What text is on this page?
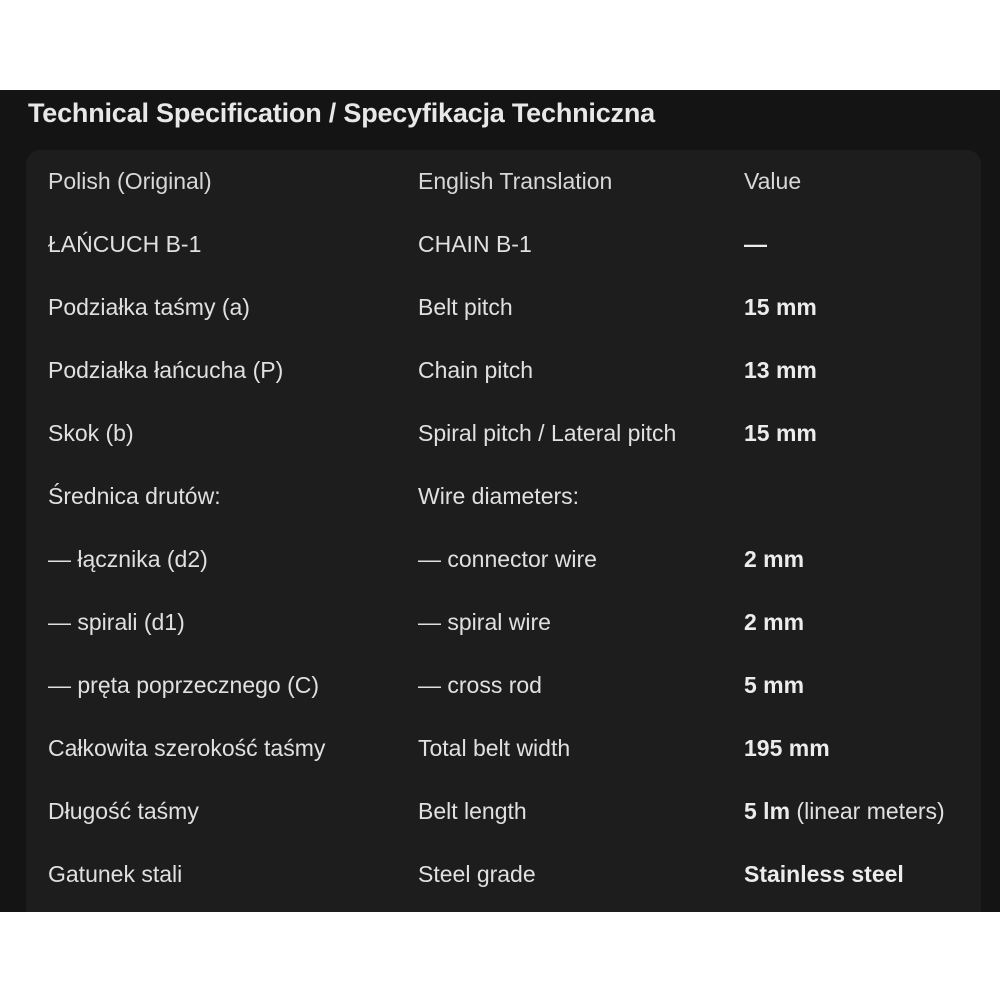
Technical Specification / Specyfikacja Techniczna
Polish (Original)	English Translation	Value
ŁAŃCUCH B-1	CHAIN B-1	—
Podziałka taśmy (a)	Belt pitch	15 mm
Podziałka łańcucha (P)	Chain pitch	13 mm
Skok (b)	Spiral pitch / Lateral pitch	15 mm
Średnica drutów:	Wire diameters:	
— łącznika (d2)	— connector wire	2 mm
— spirali (d1)	— spiral wire	2 mm
— pręta poprzecznego (C)	— cross rod	5 mm
Całkowita szerokość taśmy	Total belt width	195 mm
Długość taśmy	Belt length	5 lm (linear meters)
Gatunek stali	Steel grade	Stainless steel
